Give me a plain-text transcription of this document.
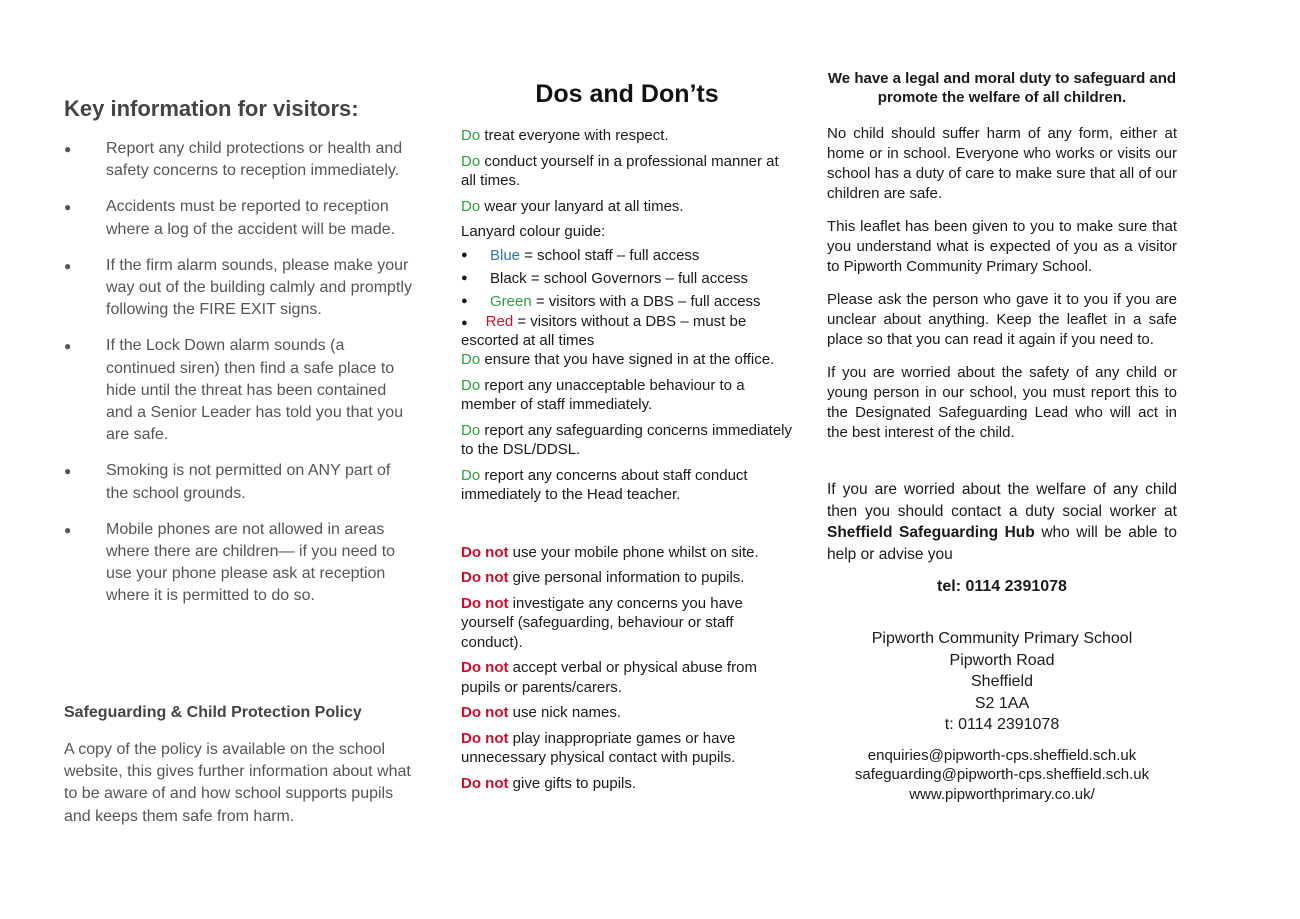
Key information for visitors:
● Report any child protections or health and safety concerns to reception immediately.
● Accidents must be reported to reception where a log of the accident will be made.
● If the firm alarm sounds, please make your way out of the building calmly and promptly following the FIRE EXIT signs.
● If the Lock Down alarm sounds (a continued siren) then find a safe place to hide until the threat has been contained and a Senior Leader has told you that you are safe.
● Smoking is not permitted on ANY part of the school grounds.
● Mobile phones are not allowed in areas where there are children— if you need to use your phone please ask at reception where it is permitted to do so.
Safeguarding & Child Protection Policy

A copy of the policy is available on the school website, this gives further information about what to be aware of and how school supports pupils and keeps them safe from harm.

Dos and Don’ts

Do treat everyone with respect.

Do conduct yourself in a professional manner at all times.

Do wear your lanyard at all times.

Lanyard colour guide:

● Blue = school staff – full access
● Black = school Governors – full access
● Green = visitors with a DBS – full access
● Red = visitors without a DBS – must be escorted at all times

Do ensure that you have signed in at the office.

Do report any unacceptable behaviour to a member of staff immediately.

Do report any safeguarding concerns immediately to the DSL/DDSL.

Do report any concerns about staff conduct immediately to the Head teacher.

Do not use your mobile phone whilst on site.

Do not give personal information to pupils.

Do not investigate any concerns you have yourself (safeguarding, behaviour or staff conduct).

Do not accept verbal or physical abuse from pupils or parents/carers.

Do not use nick names.

Do not play inappropriate games or have unnecessary physical contact with pupils.

Do not give gifts to pupils.

We have a legal and moral duty to safeguard and promote the welfare of all children.

No child should suffer harm of any form, either at home or in school. Everyone who works or visits our school has a duty of care to make sure that all of our children are safe.

This leaflet has been given to you to make sure that you understand what is expected of you as a visitor to Pipworth Community Primary School.

Please ask the person who gave it to you if you are unclear about anything. Keep the leaflet in a safe place so that you can read it again if you need to.

If you are worried about the safety of any child or young person in our school, you must report this to the Designated Safeguarding Lead who will act in the best interest of the child.

If you are worried about the welfare of any child then you should contact a duty social worker at Sheffield Safeguarding Hub who will be able to help or advise you

tel: 0114 2391078

Pipworth Community Primary School
Pipworth Road
Sheffield
S2 1AA
t: 0114 2391078
enquiries@pipworth-cps.sheffield.sch.uk
safeguarding@pipworth-cps.sheffield.sch.uk
www.pipworthprimary.co.uk/
